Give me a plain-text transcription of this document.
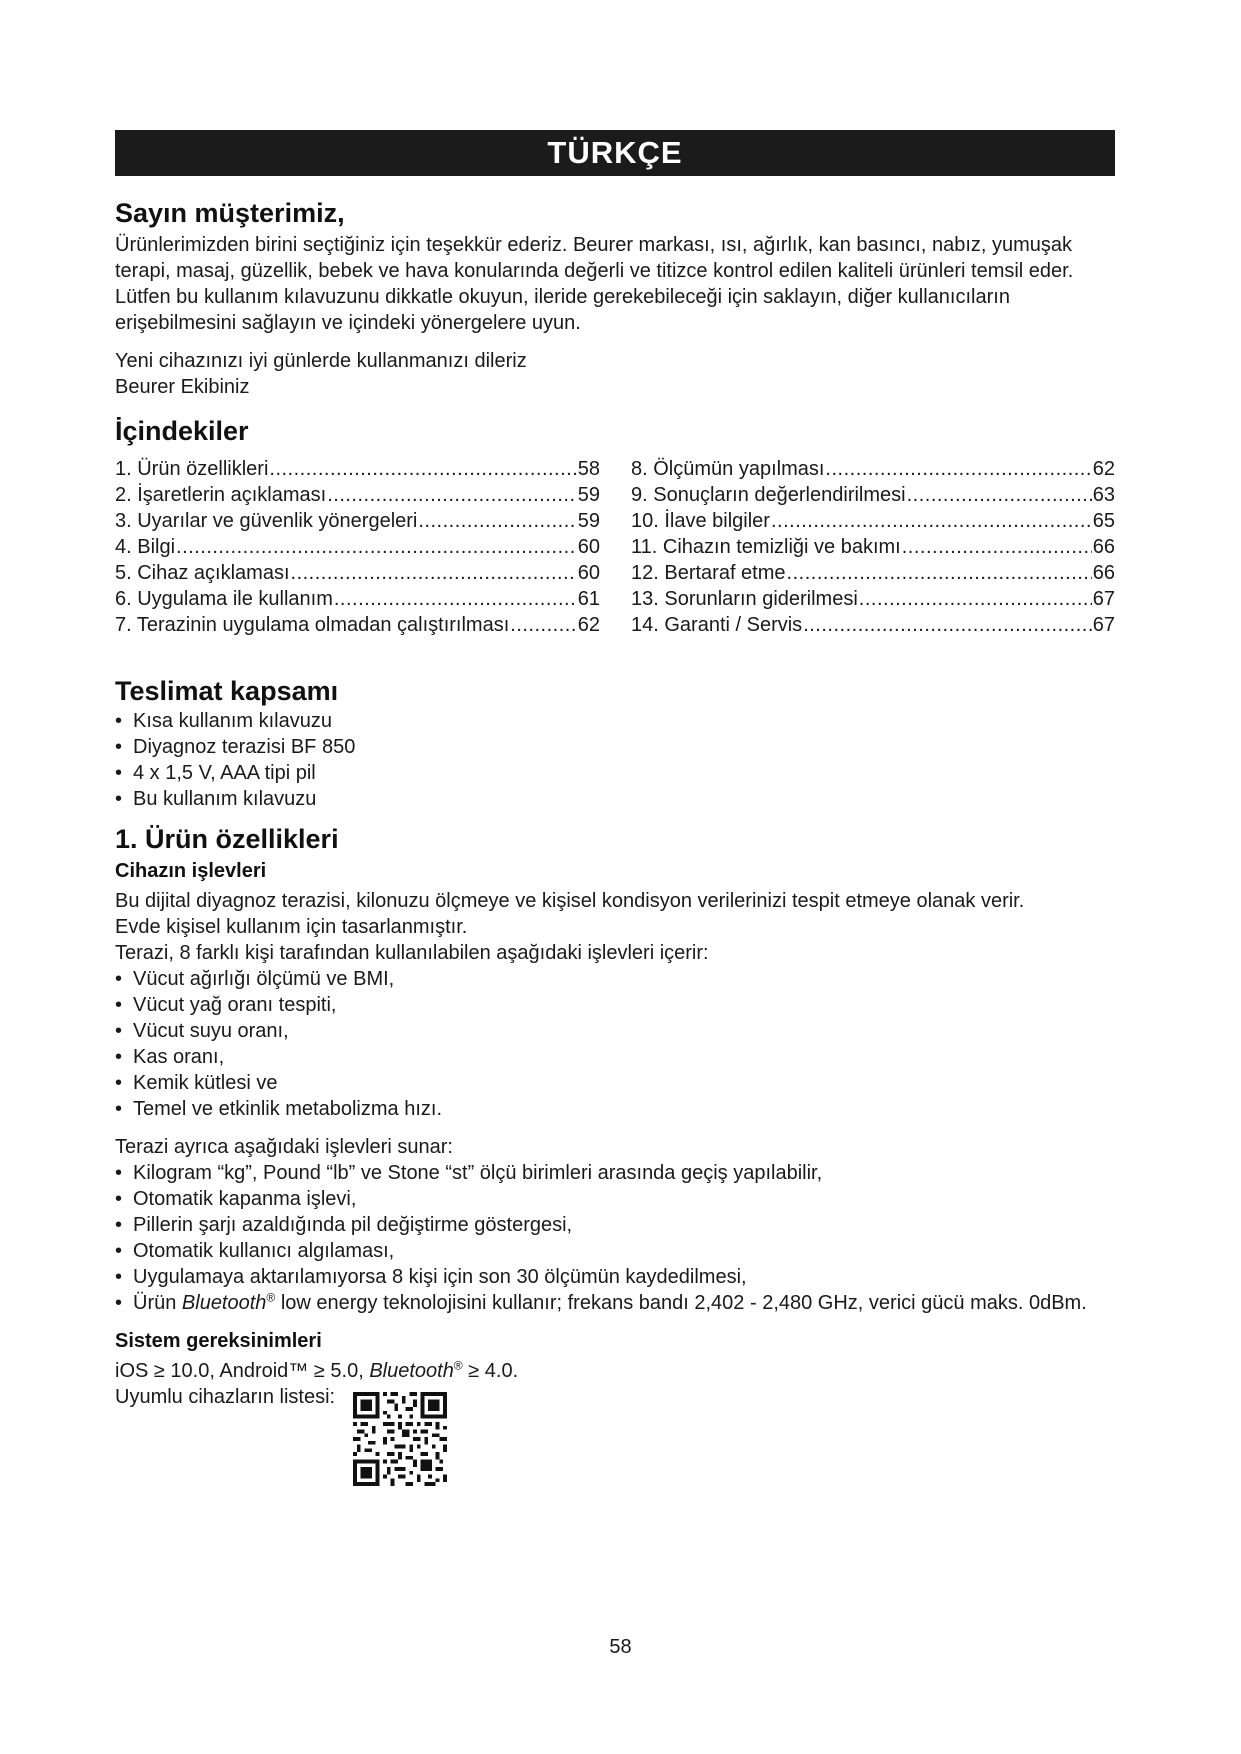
TÜRKÇE
Sayın müşterimiz,

Ürünlerimizden birini seçtiğiniz için teşekkür ederiz. Beurer markası, ısı, ağırlık, kan basıncı, nabız, yumuşak terapi, masaj, güzellik, bebek ve hava konularında değerli ve titizce kontrol edilen kaliteli ürünleri temsil eder.

Lütfen bu kullanım kılavuzunu dikkatle okuyun, ileride gerekebileceği için saklayın, diğer kullanıcıların erişebilmesini sağlayın ve içindeki yönergelere uyun.

Yeni cihazınızı iyi günlerde kullanmanızı dileriz

Beurer Ekibiniz

İçindekiler
1. Ürün özellikleri .....	58
2. İşaretlerin açıklaması .....	59
3. Uyarılar ve güvenlik yönergeleri .....	59
4. Bilgi .....	60
5. Cihaz açıklaması .....	60
6. Uygulama ile kullanım .....	61
7. Terazinin uygulama olmadan çalıştırılması .....	62
8. Ölçümün yapılması .....	62
9. Sonuçların değerlendirilmesi .....	63
10. İlave bilgiler .....	65
11. Cihazın temizliği ve bakımı .....	66
12. Bertaraf etme .....	66
13. Sorunların giderilmesi .....	67
14. Garanti / Servis .....	67
Teslimat kapsamı
• Kısa kullanım kılavuzu
• Diyagnoz terazisi BF 850
• 4 x 1,5 V, AAA tipi pil
• Bu kullanım kılavuzu
1. Ürün özellikleri
Cihazın işlevleri

Bu dijital diyagnoz terazisi, kilonuzu ölçmeye ve kişisel kondisyon verilerinizi tespit etmeye olanak verir.

Evde kişisel kullanım için tasarlanmıştır.

Terazi, 8 farklı kişi tarafından kullanılabilen aşağıdaki işlevleri içerir:

• Vücut ağırlığı ölçümü ve BMI,
• Vücut yağ oranı tespiti,
• Vücut suyu oranı,
• Kas oranı,
• Kemik kütlesi ve
• Temel ve etkinlik metabolizma hızı.

Terazi ayrıca aşağıdaki işlevleri sunar:

• Kilogram “kg”, Pound “lb” ve Stone “st” ölçü birimleri arasında geçiş yapılabilir,
• Otomatik kapanma işlevi,
• Pillerin şarjı azaldığında pil değiştirme göstergesi,
• Otomatik kullanıcı algılaması,
• Uygulamaya aktarılamıyorsa 8 kişi için son 30 ölçümün kaydedilmesi,
• Ürün Bluetooth® low energy teknolojisini kullanır; frekans bandı 2,402 - 2,480 GHz, verici gücü maks. 0dBm.
Sistem gereksinimleri

iOS ≥ 10.0, Android™ ≥ 5.0, Bluetooth® ≥ 4.0.

Uyumlu cihazların listesi:

58
